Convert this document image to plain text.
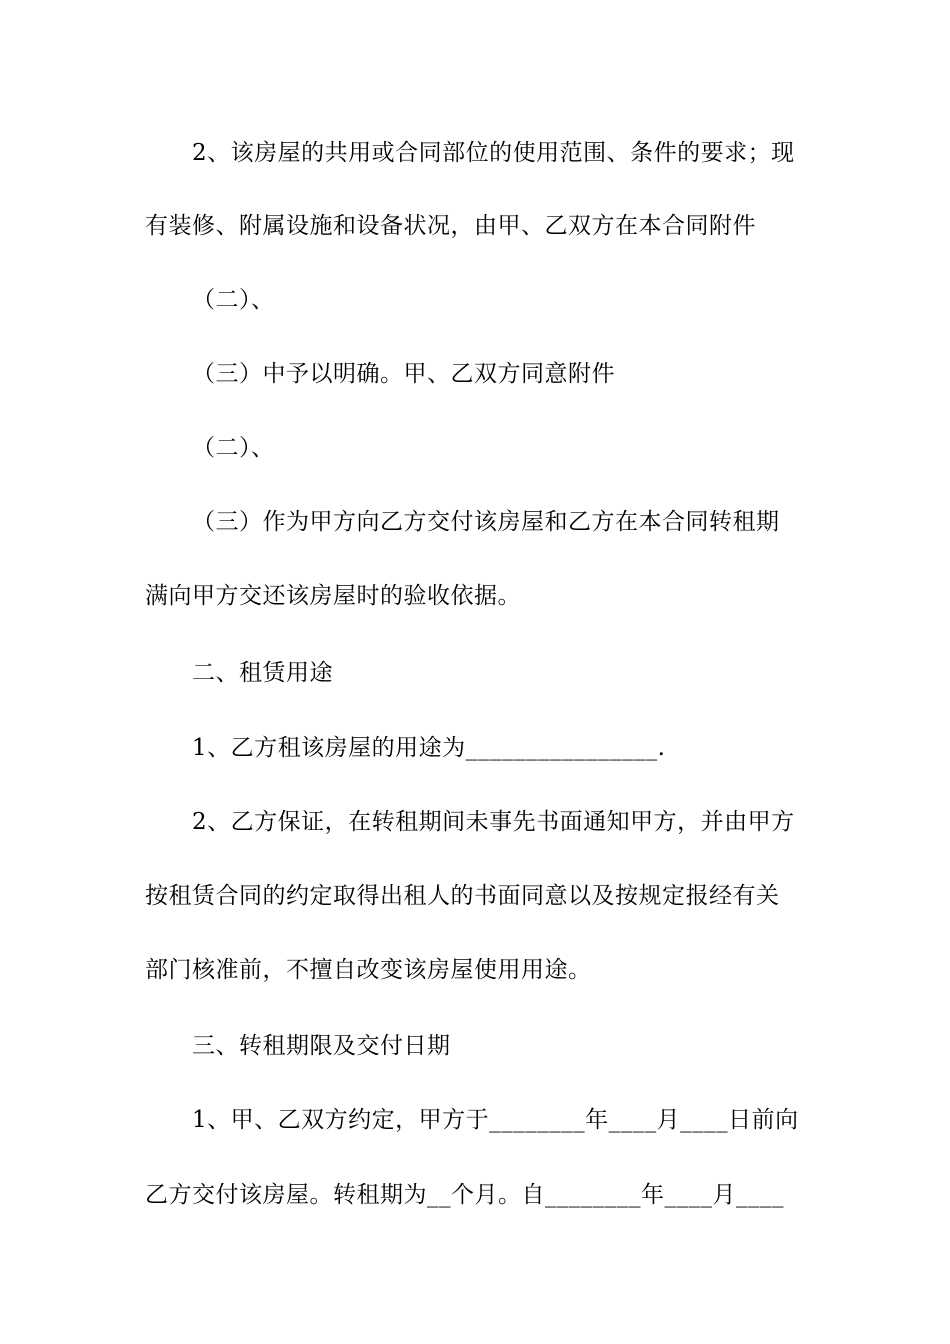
2、该房屋的共用或合同部位的使用范围、条件的要求；现
有装修、附属设施和设备状况，由甲、乙双方在本合同附件
（二）、
（三）中予以明确。甲、乙双方同意附件
（二）、
（三）作为甲方向乙方交付该房屋和乙方在本合同转租期
满向甲方交还该房屋时的验收依据。
二、租赁用途
1、乙方租该房屋的用途为________________.
2、乙方保证，在转租期间未事先书面通知甲方，并由甲方
按租赁合同的约定取得出租人的书面同意以及按规定报经有关
部门核准前，不擅自改变该房屋使用用途。
三、转租期限及交付日期
1、甲、乙双方约定，甲方于________年____月____日前向
乙方交付该房屋。转租期为__个月。自________年____月____
